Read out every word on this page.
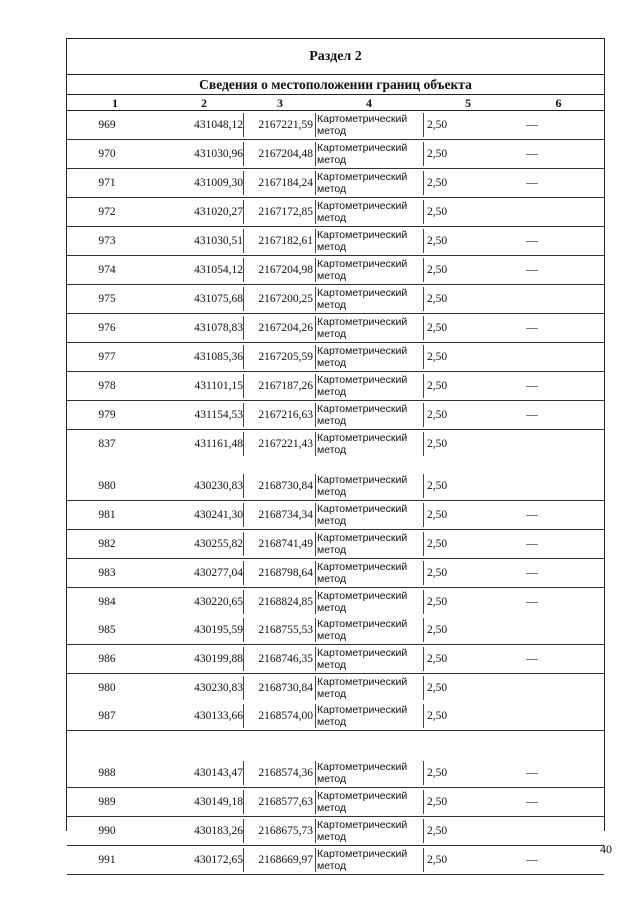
Раздел 2
Сведения о местоположении границ объекта
1	2	3	4	5	6
969	431048,12	2167221,59 Картометрический метод	2,50	—
970	431030,96	2167204,48 Картометрический метод	2,50	—
971	431009,30	2167184,24 Картометрический метод	2,50	—
972	431020,27	2167172,85 Картометрический метод	2,50
973	431030,51	2167182,61 Картометрический метод	2,50	—
974	431054,12	2167204,98 Картометрический метод	2,50	—
975	431075,68	2167200,25 Картометрический метод	2,50
976	431078,83	2167204,26 Картометрический метод	2,50	—
977	431085,36	2167205,59 Картометрический метод	2,50
978	431101,15	2167187,26 Картометрический метод	2,50	—
979	431154,53	2167216,63 Картометрический метод	2,50	—
837	431161,48	2167221,43 Картометрический метод	2,50
980	430230,83	2168730,84 Картометрический метод	2,50
981	430241,30	2168734,34 Картометрический метод	2,50	—
982	430255,82	2168741,49 Картометрический метод	2,50	—
983	430277,04	2168798,64 Картометрический метод	2,50	—
984	430220,65	2168824,85 Картометрический метод	2,50	—
985	430195,59	2168755,53 Картометрический метод	2,50
986	430199,88	2168746,35 Картометрический метод	2,50	—
980	430230,83	2168730,84 Картометрический метод	2,50
987	430133,66	2168574,00 Картометрический метод	2,50
988	430143,47	2168574,36 Картометрический метод	2,50	—
989	430149,18	2168577,63 Картометрический метод	2,50	—
990	430183,26	2168675,73 Картометрический метод	2,50
991	430172,65	2168669,97 Картометрический метод	2,50	—
40
